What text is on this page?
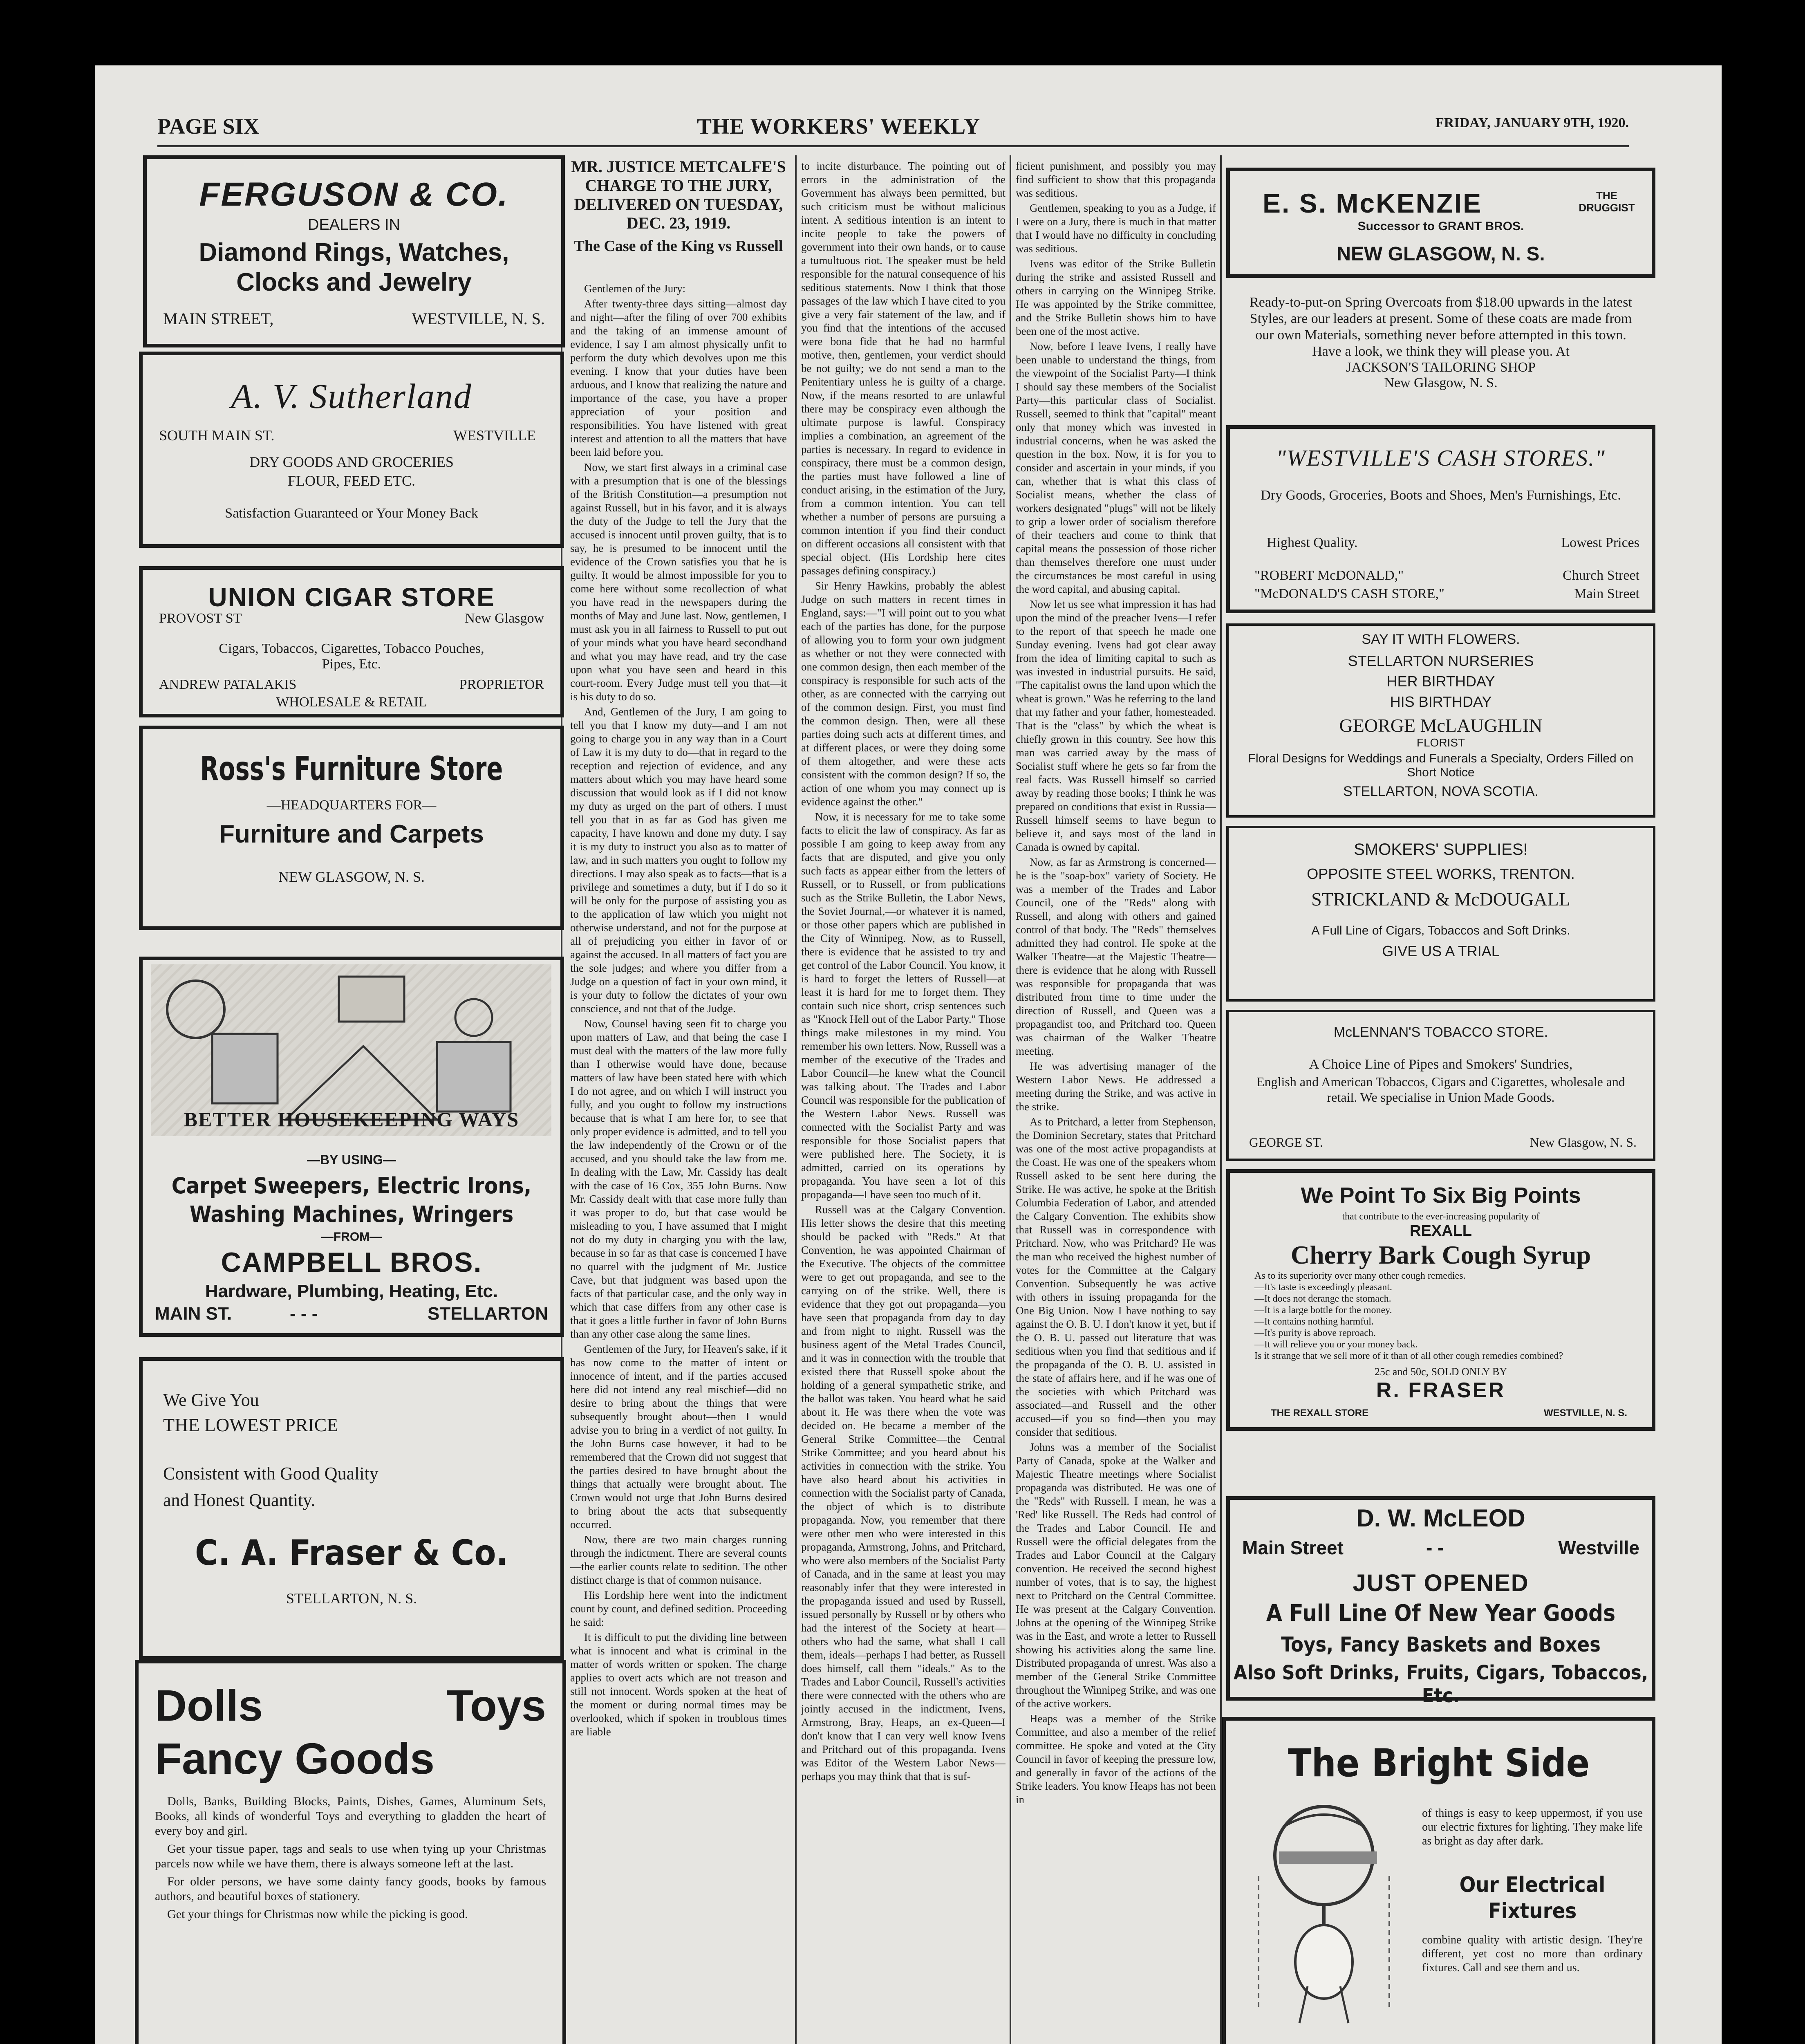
PAGE SIX	THE WORKERS' WEEKLY	FRIDAY, JANUARY 9TH, 1920.
FERGUSON & CO.
DEALERS IN
Diamond Rings, Watches,
Clocks and Jewelry
MAIN STREET,	WESTVILLE, N. S.
A. V. Sutherland
SOUTH MAIN ST.	WESTVILLE
DRY GOODS AND GROCERIES
FLOUR, FEED ETC.
Satisfaction Guaranteed or Your Money Back
UNION CIGAR STORE
PROVOST ST	New Glasgow
Cigars, Tobaccos, Cigarettes, Tobacco Pouches,
Pipes, Etc.
ANDREW PATALAKIS	PROPRIETOR
WHOLESALE & RETAIL
Ross's Furniture Store
—HEADQUARTERS FOR—
Furniture and Carpets
NEW GLASGOW, N. S.
BETTER HOUSEKEEPING WAYS
—BY USING—
Carpet Sweepers, Electric Irons,
Washing Machines, Wringers
—FROM—
CAMPBELL BROS.
Hardware, Plumbing, Heating, Etc.
MAIN ST.	- - -	STELLARTON
We Give You
THE LOWEST PRICE
Consistent with Good Quality
and Honest Quantity.
C. A. Fraser & Co.
STELLARTON, N. S.
Dolls	Toys
Fancy Goods

Dolls, Banks, Building Blocks, Paints, Dishes, Games, Aluminum Sets, Books, all kinds of wonderful Toys and everything to gladden the heart of every boy and girl.

Get your tissue paper, tags and seals to use when tying up your Christmas parcels now while we have them, there is always someone left at the last.

For older persons, we have some dainty fancy goods, books by famous authors, and beautiful boxes of stationery.

Get your things for Christmas now while the picking is good.

MR. JUSTICE METCALFE'S CHARGE TO THE JURY, DELIVERED ON TUESDAY, DEC. 23, 1919.
The Case of the King vs Russell

Gentlemen of the Jury:

After twenty-three days sitting—almost day and night—after the filing of over 700 exhibits and the taking of an immense amount of evidence, I say I am almost physically unfit to perform the duty which devolves upon me this evening. I know that your duties have been arduous, and I know that realizing the nature and importance of the case, you have a proper appreciation of your position and responsibilities. You have listened with great interest and attention to all the matters that have been laid before you.

Now, we start first always in a criminal case with a presumption that is one of the blessings of the British Constitution—a presumption not against Russell, but in his favor, and it is always the duty of the Judge to tell the Jury that the accused is innocent until proven guilty, that is to say, he is presumed to be innocent until the evidence of the Crown satisfies you that he is guilty. It would be almost impossible for you to come here without some recollection of what you have read in the newspapers during the months of May and June last. Now, gentlemen, I must ask you in all fairness to Russell to put out of your minds what you have heard secondhand and what you may have read, and try the case upon what you have seen and heard in this court-room. Every Judge must tell you that—it is his duty to do so.

And, Gentlemen of the Jury, I am going to tell you that I know my duty—and I am not going to charge you in any way than in a Court of Law it is my duty to do—that in regard to the reception and rejection of evidence, and any matters about which you may have heard some discussion that would look as if I did not know my duty as urged on the part of others. I must tell you that in as far as God has given me capacity, I have known and done my duty. I say it is my duty to instruct you also as to matter of law, and in such matters you ought to follow my directions. I may also speak as to facts—that is a privilege and sometimes a duty, but if I do so it will be only for the purpose of assisting you as to the application of law which you might not otherwise understand, and not for the purpose at all of prejudicing you either in favor of or against the accused. In all matters of fact you are the sole judges; and where you differ from a Judge on a question of fact in your own mind, it is your duty to follow the dictates of your own conscience, and not that of the Judge.

Now, Counsel having seen fit to charge you upon matters of Law, and that being the case I must deal with the matters of the law more fully than I otherwise would have done, because matters of law have been stated here with which I do not agree, and on which I will instruct you fully, and you ought to follow my instructions because that is what I am here for, to see that only proper evidence is admitted, and to tell you the law independently of the Crown or of the accused, and you should take the law from me. In dealing with the Law, Mr. Cassidy has dealt with the case of 16 Cox, 355 John Burns. Now Mr. Cassidy dealt with that case more fully than it was proper to do, but that case would be misleading to you, I have assumed that I might not do my duty in charging you with the law, because in so far as that case is concerned I have no quarrel with the judgment of Mr. Justice Cave, but that judgment was based upon the facts of that particular case, and the only way in which that case differs from any other case is that it goes a little further in favor of John Burns than any other case along the same lines.

Gentlemen of the Jury, for Heaven's sake, if it has now come to the matter of intent or innocence of intent, and if the parties accused here did not intend any real mischief—did no desire to bring about the things that were subsequently brought about—then I would advise you to bring in a verdict of not guilty. In the John Burns case however, it had to be remembered that the Crown did not suggest that the parties desired to have brought about the things that actually were brought about. The Crown would not urge that John Burns desired to bring about the acts that subsequently occurred.

Now, there are two main charges running through the indictment. There are several counts—the earlier counts relate to sedition. The other distinct charge is that of common nuisance.

His Lordship here went into the indictment count by count, and defined sedition. Proceeding he said:

It is difficult to put the dividing line between what is innocent and what is criminal in the matter of words written or spoken. The charge applies to overt acts which are not treason and still not innocent. Words spoken at the heat of the moment or during normal times may be overlooked, which if spoken in troublous times are liable

to incite disturbance. The pointing out of errors in the administration of the Government has always been permitted, but such criticism must be without malicious intent. A seditious intention is an intent to incite people to take the powers of government into their own hands, or to cause a tumultuous riot. The speaker must be held responsible for the natural consequence of his seditious statements. Now I think that those passages of the law which I have cited to you give a very fair statement of the law, and if you find that the intentions of the accused were bona fide that he had no harmful motive, then, gentlemen, your verdict should be not guilty; we do not send a man to the Penitentiary unless he is guilty of a charge. Now, if the means resorted to are unlawful there may be conspiracy even although the ultimate purpose is lawful. Conspiracy implies a combination, an agreement of the parties is necessary. In regard to evidence in conspiracy, there must be a common design, the parties must have followed a line of conduct arising, in the estimation of the Jury, from a common intention. You can tell whether a number of persons are pursuing a common intention if you find their conduct on different occasions all consistent with that special object. (His Lordship here cites passages defining conspiracy.)

Sir Henry Hawkins, probably the ablest Judge on such matters in recent times in England, says:—"I will point out to you what each of the parties has done, for the purpose of allowing you to form your own judgment as whether or not they were connected with one common design, then each member of the conspiracy is responsible for such acts of the other, as are connected with the carrying out of the common design. First, you must find the common design. Then, were all these parties doing such acts at different times, and at different places, or were they doing some of them altogether, and were these acts consistent with the common design? If so, the action of one whom you may connect up is evidence against the other."

Now, it is necessary for me to take some facts to elicit the law of conspiracy. As far as possible I am going to keep away from any facts that are disputed, and give you only such facts as appear either from the letters of Russell, or to Russell, or from publications such as the Strike Bulletin, the Labor News, the Soviet Journal,—or whatever it is named, or those other papers which are published in the City of Winnipeg. Now, as to Russell, there is evidence that he assisted to try and get control of the Labor Council. You know, it is hard to forget the letters of Russell—at least it is hard for me to forget them. They contain such nice short, crisp sentences such as "Knock Hell out of the Labor Party." Those things make milestones in my mind. You remember his own letters. Now, Russell was a member of the executive of the Trades and Labor Council—he knew what the Council was talking about. The Trades and Labor Council was responsible for the publication of the Western Labor News. Russell was connected with the Socialist Party and was responsible for those Socialist papers that were published here. The Society, it is admitted, carried on its operations by propaganda. You have seen a lot of this propaganda—I have seen too much of it.

Russell was at the Calgary Convention. His letter shows the desire that this meeting should be packed with "Reds." At that Convention, he was appointed Chairman of the Executive. The objects of the committee were to get out propaganda, and see to the carrying on of the strike. Well, there is evidence that they got out propaganda—you have seen that propaganda from day to day and from night to night. Russell was the business agent of the Metal Trades Council, and it was in connection with the trouble that existed there that Russell spoke about the holding of a general sympathetic strike, and the ballot was taken. You heard what he said about it. He was there when the vote was decided on. He became a member of the General Strike Committee—the Central Strike Committee; and you heard about his activities in connection with the strike. You have also heard about his activities in connection with the Socialist party of Canada, the object of which is to distribute propaganda. Now, you remember that there were other men who were interested in this propaganda, Armstrong, Johns, and Pritchard, who were also members of the Socialist Party of Canada, and in the same at least you may reasonably infer that they were interested in the propaganda issued and used by Russell, issued personally by Russell or by others who had the interest of the Society at heart—others who had the same, what shall I call them, ideals—perhaps I had better, as Russell does himself, call them "ideals." As to the Trades and Labor Council, Russell's activities there were connected with the others who are jointly accused in the indictment, Ivens, Armstrong, Bray, Heaps, an ex-Queen—I don't know that I can very well know Ivens and Pritchard out of this propaganda. Ivens was Editor of the Western Labor News—perhaps you may think that that is suf-

ficient punishment, and possibly you may find sufficient to show that this propaganda was seditious.

Gentlemen, speaking to you as a Judge, if I were on a Jury, there is much in that matter that I would have no difficulty in concluding was seditious.

Ivens was editor of the Strike Bulletin during the strike and assisted Russell and others in carrying on the Winnipeg Strike. He was appointed by the Strike committee, and the Strike Bulletin shows him to have been one of the most active.

Now, before I leave Ivens, I really have been unable to understand the things, from the viewpoint of the Socialist Party—I think I should say these members of the Socialist Party—this particular class of Socialist. Russell, seemed to think that "capital" meant only that money which was invested in industrial concerns, when he was asked the question in the box. Now, it is for you to consider and ascertain in your minds, if you can, whether that is what this class of Socialist means, whether the class of workers designated "plugs" will not be likely to grip a lower order of socialism therefore of their teachers and come to think that capital means the possession of those richer than themselves therefore one must under the circumstances be most careful in using the word capital, and abusing capital.

Now let us see what impression it has had upon the mind of the preacher Ivens—I refer to the report of that speech he made one Sunday evening. Ivens had got clear away from the idea of limiting capital to such as was invested in industrial pursuits. He said, "The capitalist owns the land upon which the wheat is grown." Was he referring to the land that my father and your father, homesteaded. That is the "class" by which the wheat is chiefly grown in this country. See how this man was carried away by the mass of Socialist stuff where he gets so far from the real facts. Was Russell himself so carried away by reading those books; I think he was prepared on conditions that exist in Russia—Russell himself seems to have begun to believe it, and says most of the land in Canada is owned by capital.

Now, as far as Armstrong is concerned—he is the "soap-box" variety of Society. He was a member of the Trades and Labor Council, one of the "Reds" along with Russell, and along with others and gained control of that body. The "Reds" themselves admitted they had control. He spoke at the Walker Theatre—at the Majestic Theatre—there is evidence that he along with Russell was responsible for propaganda that was distributed from time to time under the direction of Russell, and Queen was a propagandist too, and Pritchard too. Queen was chairman of the Walker Theatre meeting.

He was advertising manager of the Western Labor News. He addressed a meeting during the Strike, and was active in the strike.

As to Pritchard, a letter from Stephenson, the Dominion Secretary, states that Pritchard was one of the most active propagandists at the Coast. He was one of the speakers whom Russell asked to be sent here during the Strike. He was active, he spoke at the British Columbia Federation of Labor, and attended the Calgary Convention. The exhibits show that Russell was in correspondence with Pritchard. Now, who was Pritchard? He was the man who received the highest number of votes for the Committee at the Calgary Convention. Subsequently he was active with others in issuing propaganda for the One Big Union. Now I have nothing to say against the O. B. U. I don't know it yet, but if the O. B. U. passed out literature that was seditious when you find that seditious and if the propaganda of the O. B. U. assisted in the state of affairs here, and if he was one of the societies with which Pritchard was associated—and Russell and the other accused—if you so find—then you may consider that seditious.

Johns was a member of the Socialist Party of Canada, spoke at the Walker and Majestic Theatre meetings where Socialist propaganda was distributed. He was one of the "Reds" with Russell. I mean, he was a 'Red' like Russell. The Reds had control of the Trades and Labor Council. He and Russell were the official delegates from the Trades and Labor Council at the Calgary convention. He received the second highest number of votes, that is to say, the highest next to Pritchard on the Central Committee. He was present at the Calgary Convention. Johns at the opening of the Winnipeg Strike was in the East, and wrote a letter to Russell showing his activities along the same line. Distributed propaganda of unrest. Was also a member of the General Strike Committee throughout the Winnipeg Strike, and was one of the active workers.

Heaps was a member of the Strike Committee, and also a member of the relief committee. He spoke and voted at the City Council in favor of keeping the pressure low, and generally in favor of the actions of the Strike leaders. You know Heaps has not been in

E. S. McKENZIE	THE DRUGGIST
Successor to GRANT BROS.
NEW GLASGOW, N. S.
Ready-to-put-on Spring Overcoats from $18.00 upwards in the latest Styles, are our leaders at present. Some of these coats are made from our own Materials, something never before attempted in this town. Have a look, we think they will please you. At
JACKSON'S TAILORING SHOP
New Glasgow, N. S.
"WESTVILLE'S CASH STORES."
Dry Goods, Groceries, Boots and Shoes, Men's Furnishings, Etc.
Highest Quality.	Lowest Prices
"ROBERT McDONALD,"	Church Street
"McDONALD'S CASH STORE,"	Main Street
SAY IT WITH FLOWERS.
STELLARTON NURSERIES
HER BIRTHDAY
HIS BIRTHDAY
GEORGE McLAUGHLIN
FLORIST
Floral Designs for Weddings and Funerals a Specialty, Orders Filled on Short Notice
STELLARTON, NOVA SCOTIA.
SMOKERS' SUPPLIES!
OPPOSITE STEEL WORKS, TRENTON.
STRICKLAND & McDOUGALL
A Full Line of Cigars, Tobaccos and Soft Drinks.
GIVE US A TRIAL
McLENNAN'S TOBACCO STORE.
A Choice Line of Pipes and Smokers' Sundries,
English and American Tobaccos, Cigars and Cigarettes, wholesale and retail. We specialise in Union Made Goods.
GEORGE ST.	New Glasgow, N. S.
We Point To Six Big Points
that contribute to the ever-increasing popularity of
REXALL
Cherry Bark Cough Syrup
As to its superiority over many other cough remedies.
—It's taste is exceedingly pleasant.
—It does not derange the stomach.
—It is a large bottle for the money.
—It contains nothing harmful.
—It's purity is above reproach.
—It will relieve you or your money back.
Is it strange that we sell more of it than of all other cough remedies combined?
25c and 50c, SOLD ONLY BY
R. FRASER
THE REXALL STORE	WESTVILLE, N. S.
D. W. McLEOD
Main Street	- -	Westville
JUST OPENED
A Full Line Of New Year Goods
Toys, Fancy Baskets and Boxes
Also Soft Drinks, Fruits, Cigars, Tobaccos, Etc.
The Bright Side
of things is easy to keep uppermost, if you use our electric fixtures for lighting. They make life as bright as day after dark.
Our Electrical Fixtures
combine quality with artistic design. They're different, yet cost no more than ordinary fixtures. Call and see them and us.
